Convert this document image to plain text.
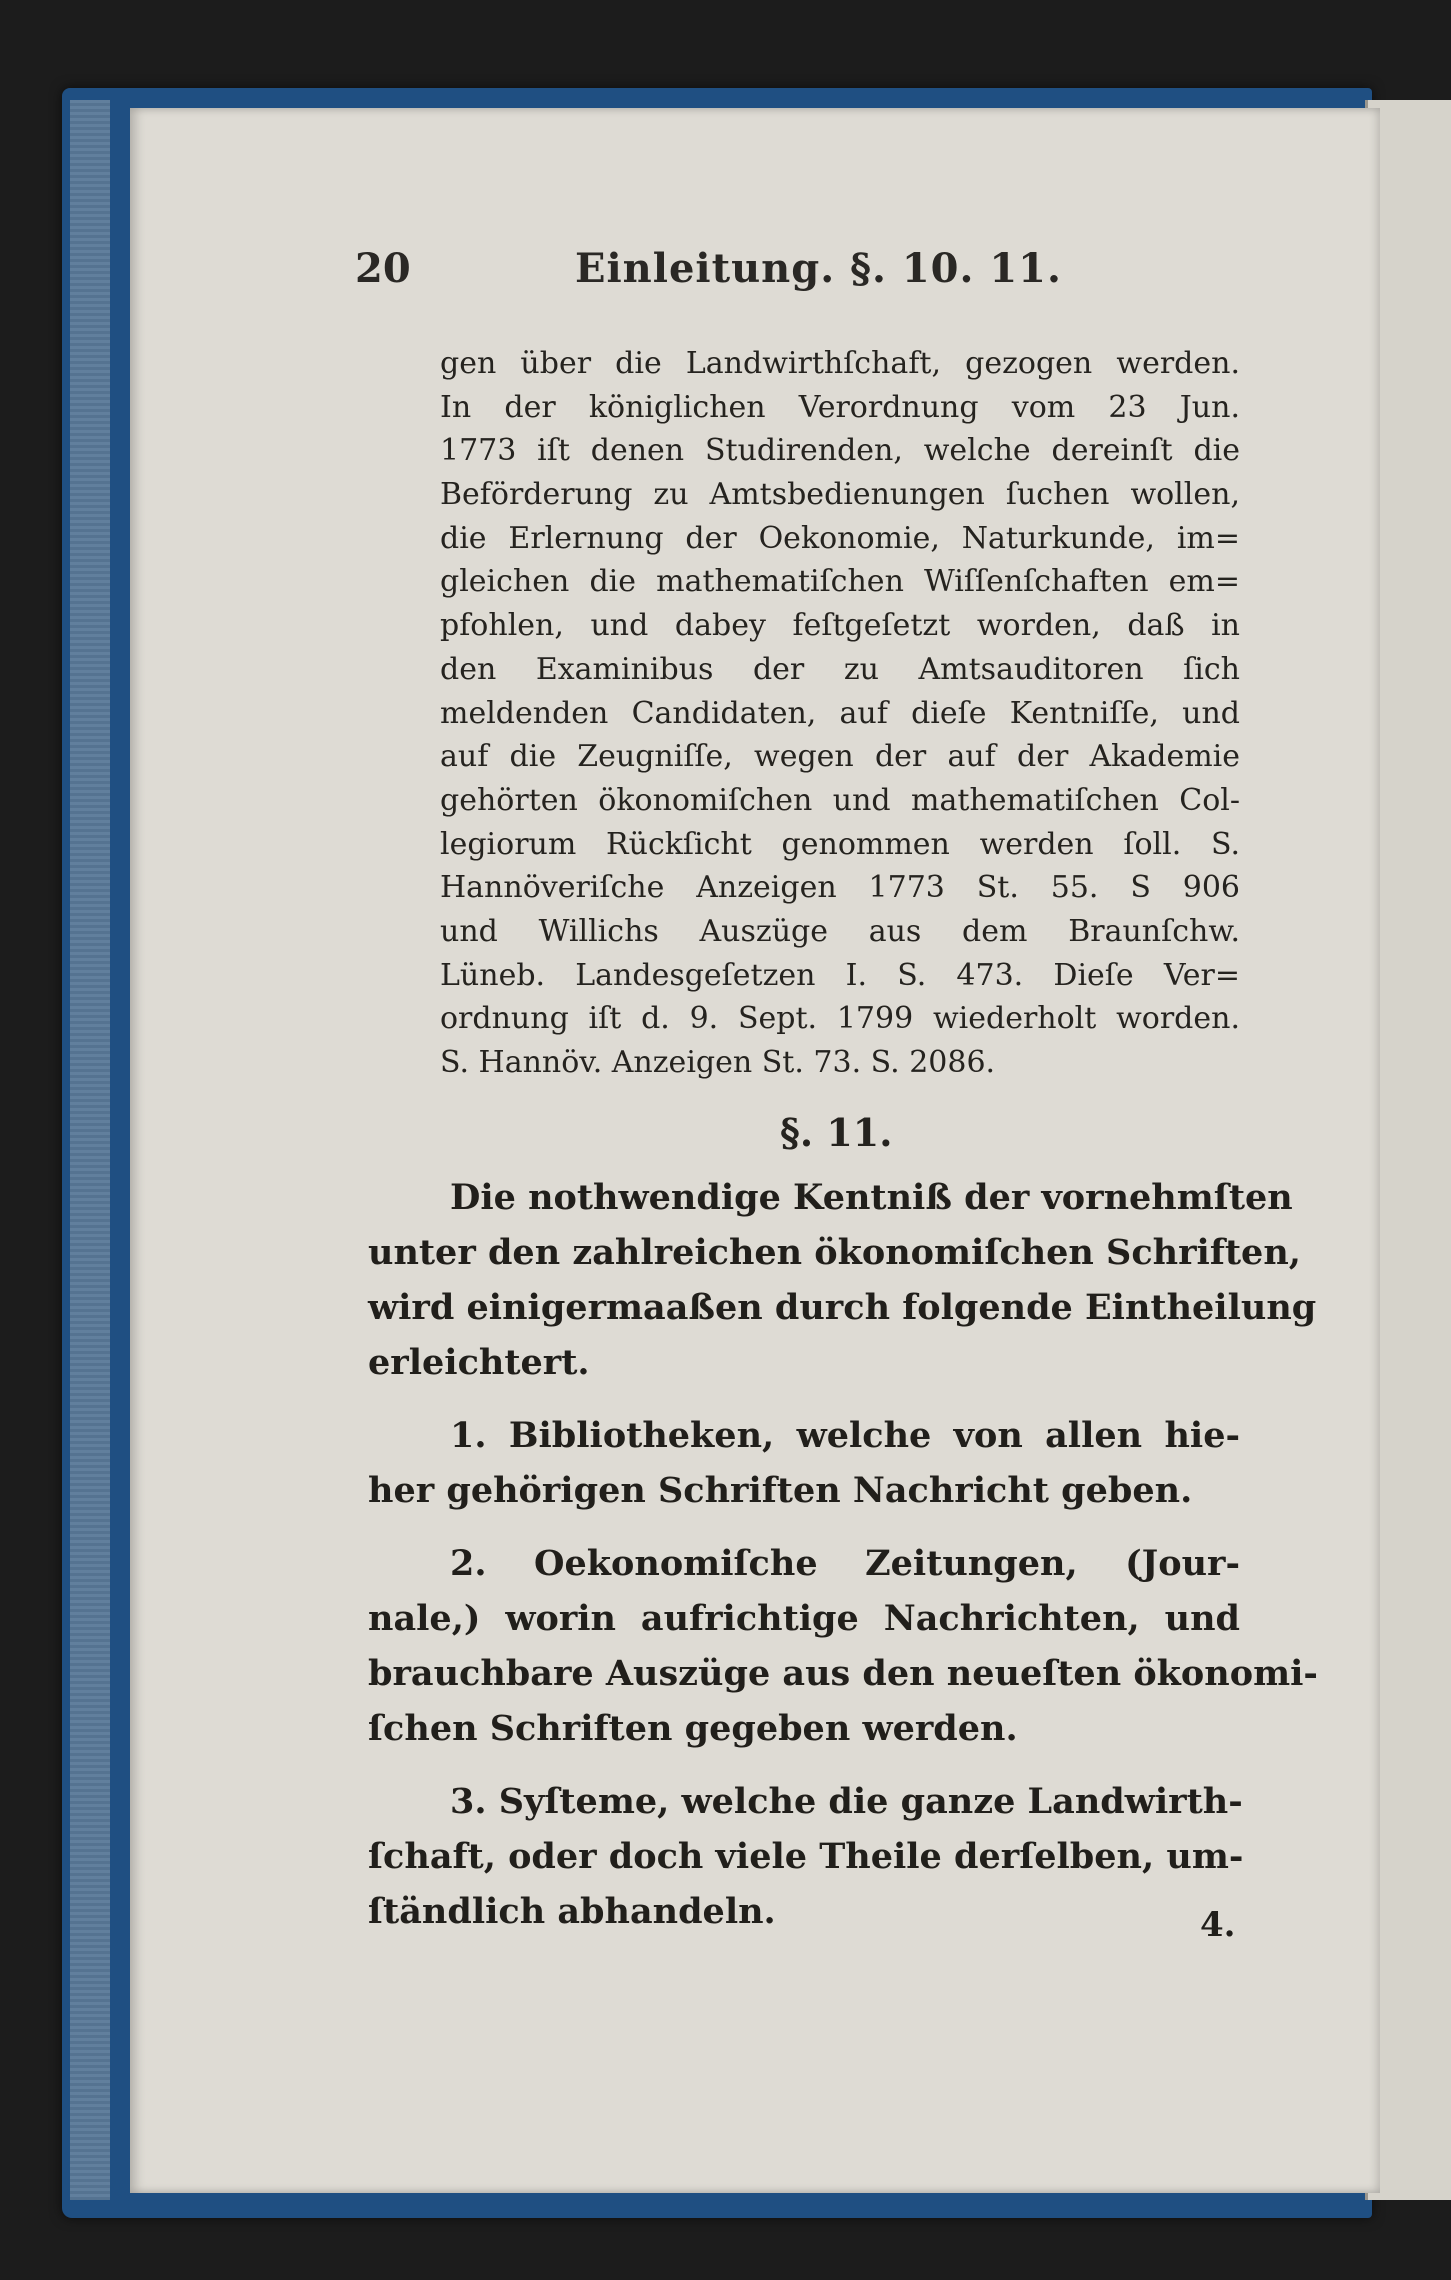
20	Einleitung. §. 10. 11.
gen über die Landwirthſchaft, gezogen werden.
In der königlichen Verordnung vom 23 Jun.
1773 iſt denen Studirenden, welche dereinſt die
Beförderung zu Amtsbedienungen ſuchen wollen,
die Erlernung der Oekonomie, Naturkunde, im=
gleichen die mathematiſchen Wiſſenſchaften em=
pfohlen, und dabey feſtgeſetzt worden, daß in
den Examinibus der zu Amtsauditoren ſich
meldenden Candidaten, auf dieſe Kentniſſe, und
auf die Zeugniſſe, wegen der auf der Akademie
gehörten ökonomiſchen und mathematiſchen Col-
legiorum Rückſicht genommen werden ſoll. S.
Hannöveriſche Anzeigen 1773 St. 55. S 906
und Willichs Auszüge aus dem Braunſchw.
Lüneb. Landesgeſetzen I. S. 473. Dieſe Ver=
ordnung iſt d. 9. Sept. 1799 wiederholt worden.
S. Hannöv. Anzeigen St. 73. S. 2086.
§. 11.
Die nothwendige Kentniß der vornehmſten
unter den zahlreichen ökonomiſchen Schriften,
wird einigermaaßen durch folgende Eintheilung
erleichtert.
1. Bibliotheken, welche von allen hie-
her gehörigen Schriften Nachricht geben.
2. Oekonomiſche Zeitungen, (Jour-
nale,) worin aufrichtige Nachrichten, und
brauchbare Auszüge aus den neueſten ökonomi-
ſchen Schriften gegeben werden.
3. Syſteme, welche die ganze Landwirth-
ſchaft, oder doch viele Theile derſelben, um-
ſtändlich abhandeln.	4.
